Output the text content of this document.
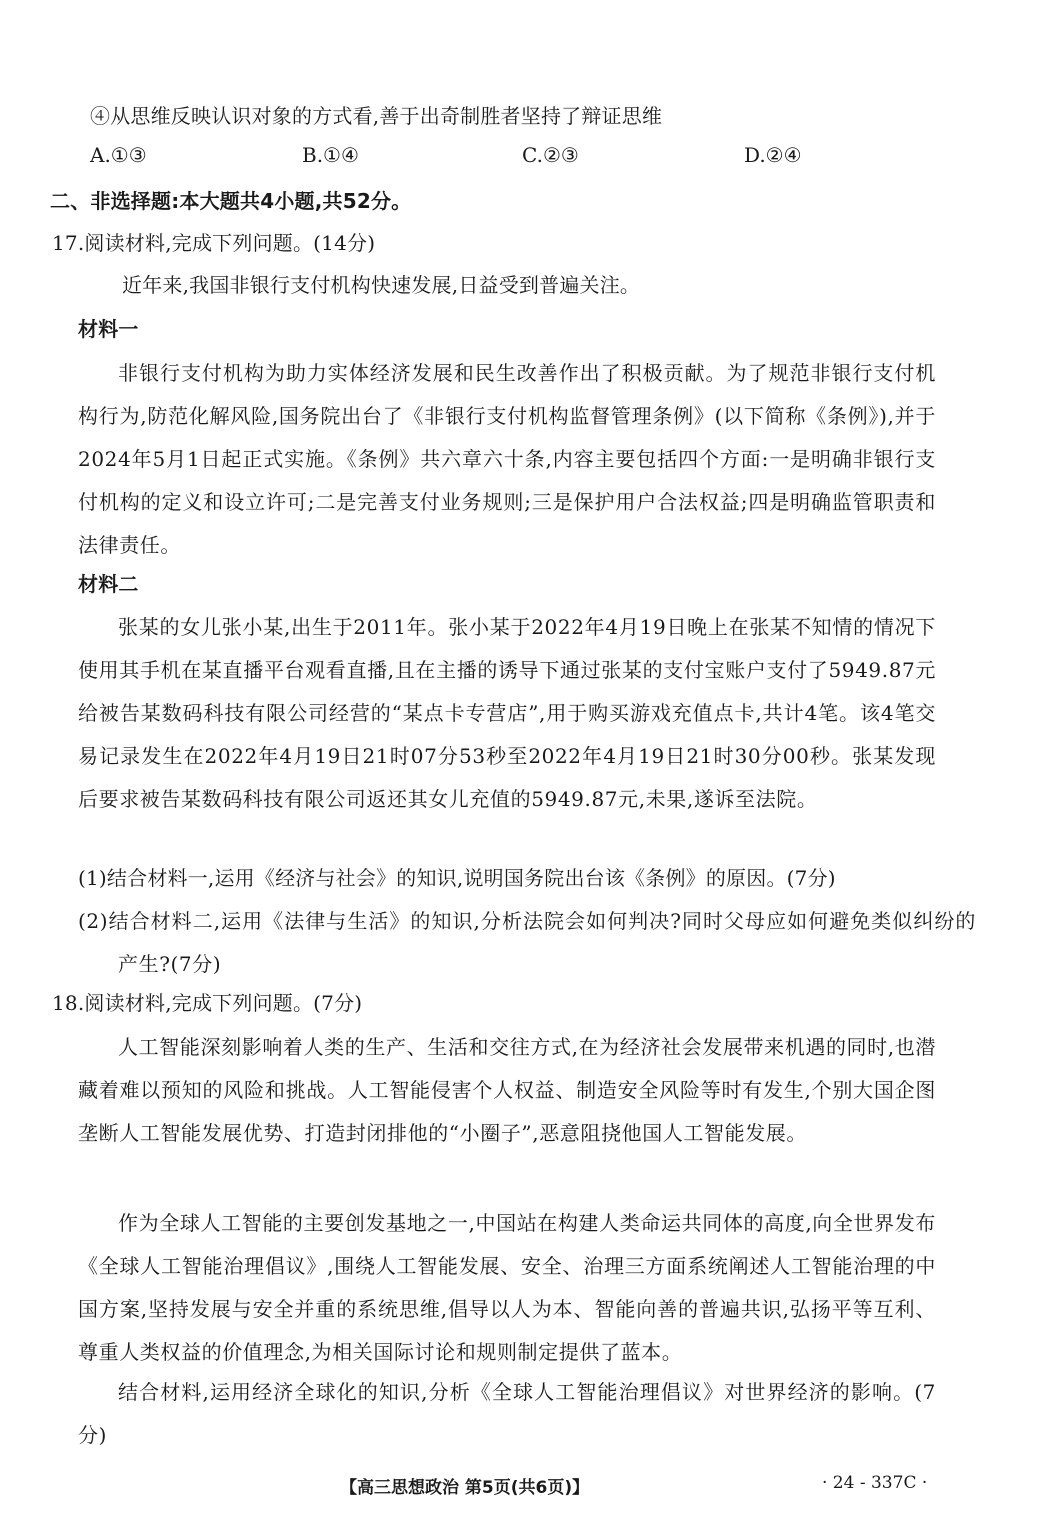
④从思维反映认识对象的方式看,善于出奇制胜者坚持了辩证思维
A.①③	B.①④	C.②③	D.②④
二、非选择题:本大题共4小题,共52分。
17.阅读材料,完成下列问题。(14分)
近年来,我国非银行支付机构快速发展,日益受到普遍关注。
材料一
非银行支付机构为助力实体经济发展和民生改善作出了积极贡献。为了规范非银行支付机构行为,防范化解风险,国务院出台了《非银行支付机构监督管理条例》(以下简称《条例》),并于2024年5月1日起正式实施。《条例》共六章六十条,内容主要包括四个方面:一是明确非银行支付机构的定义和设立许可;二是完善支付业务规则;三是保护用户合法权益;四是明确监管职责和法律责任。
材料二
张某的女儿张小某,出生于2011年。张小某于2022年4月19日晚上在张某不知情的情况下使用其手机在某直播平台观看直播,且在主播的诱导下通过张某的支付宝账户支付了5949.87元给被告某数码科技有限公司经营的“某点卡专营店”,用于购买游戏充值点卡,共计4笔。该4笔交易记录发生在2022年4月19日21时07分53秒至2022年4月19日21时30分00秒。张某发现后要求被告某数码科技有限公司返还其女儿充值的5949.87元,未果,遂诉至法院。
(1)结合材料一,运用《经济与社会》的知识,说明国务院出台该《条例》的原因。(7分)
(2)结合材料二,运用《法律与生活》的知识,分析法院会如何判决?同时父母应如何避免类似纠纷的产生?(7分)
18.阅读材料,完成下列问题。(7分)
人工智能深刻影响着人类的生产、生活和交往方式,在为经济社会发展带来机遇的同时,也潜藏着难以预知的风险和挑战。人工智能侵害个人权益、制造安全风险等时有发生,个别大国企图垄断人工智能发展优势、打造封闭排他的“小圈子”,恶意阻挠他国人工智能发展。
作为全球人工智能的主要创发基地之一,中国站在构建人类命运共同体的高度,向全世界发布《全球人工智能治理倡议》,围绕人工智能发展、安全、治理三方面系统阐述人工智能治理的中国方案,坚持发展与安全并重的系统思维,倡导以人为本、智能向善的普遍共识,弘扬平等互利、尊重人类权益的价值理念,为相关国际讨论和规则制定提供了蓝本。
结合材料,运用经济全球化的知识,分析《全球人工智能治理倡议》对世界经济的影响。(7分)
【高三思想政治 第5页(共6页)】	· 24 - 337C ·
